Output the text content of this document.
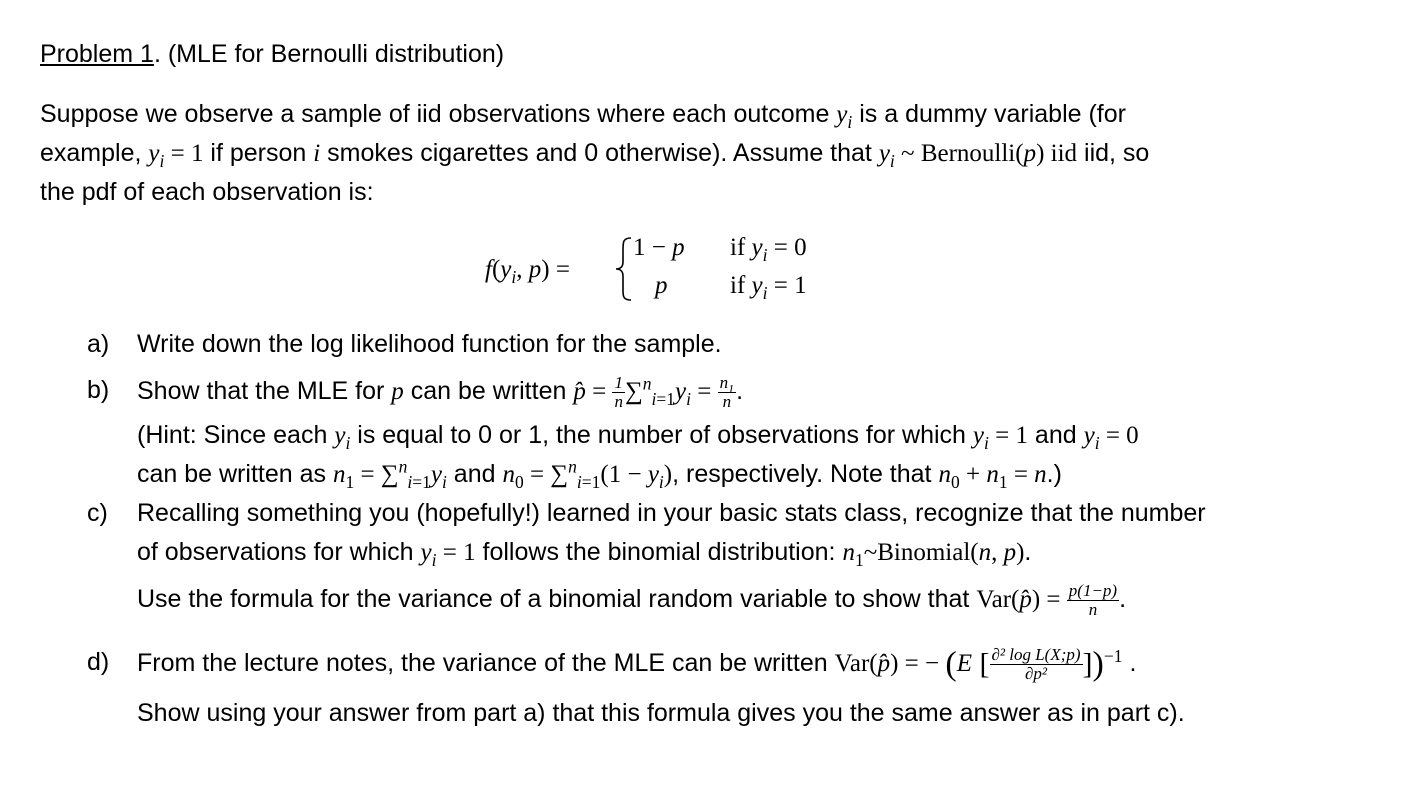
Problem 1. (MLE for Bernoulli distribution)
Suppose we observe a sample of iid observations where each outcome $y_i$ is a dummy variable (for
example, $y_i = 1$ if person i smokes cigarettes and 0 otherwise). Assume that $y_i$ ~ Bernoulli(p) iid iid, so
the pdf of each observation is:
$f(y_i$, p) =
1 − p if $y_i = 0$
p	if $y_i = 1$
a)	Write down the log likelihood function for the sample.
b)	Show that the MLE for p can be written p̂ = $\frac{1}{n} \sum^n_{i=1}y_i = \frac{n_1}{n}$ .
(Hint: Since each $y_i$ is equal to 0 or 1, the number of observations for which $y_i = 1$ and $y_i = 0$
can be written as $n_1 = \sum^n_{i=1}y_i$ and $n_0 = \sum^n_{i=1}(1 - y_i)$, respectively. Note that $n_0 + n_1 = n$.)
c)	Recalling something you (hopefully!) learned in your basic stats class, recognize that the number
of observations for which $y_i = 1$ follows the binomial distribution: $n_1\sim Binomial(n$, p).
Use the formula for the variance of a binomial random variable to show that Var(p̂) = $\frac{p(1-p)}{n}$ .
d)	From the lecture notes, the variance of the MLE can be written Var(p̂) = − (E [ $\frac{\text{∂² log L(X;p)}}{\text{∂p²}} ])^{-1}$ .
Show using your answer from part a) that this formula gives you the same answer as in part c).
